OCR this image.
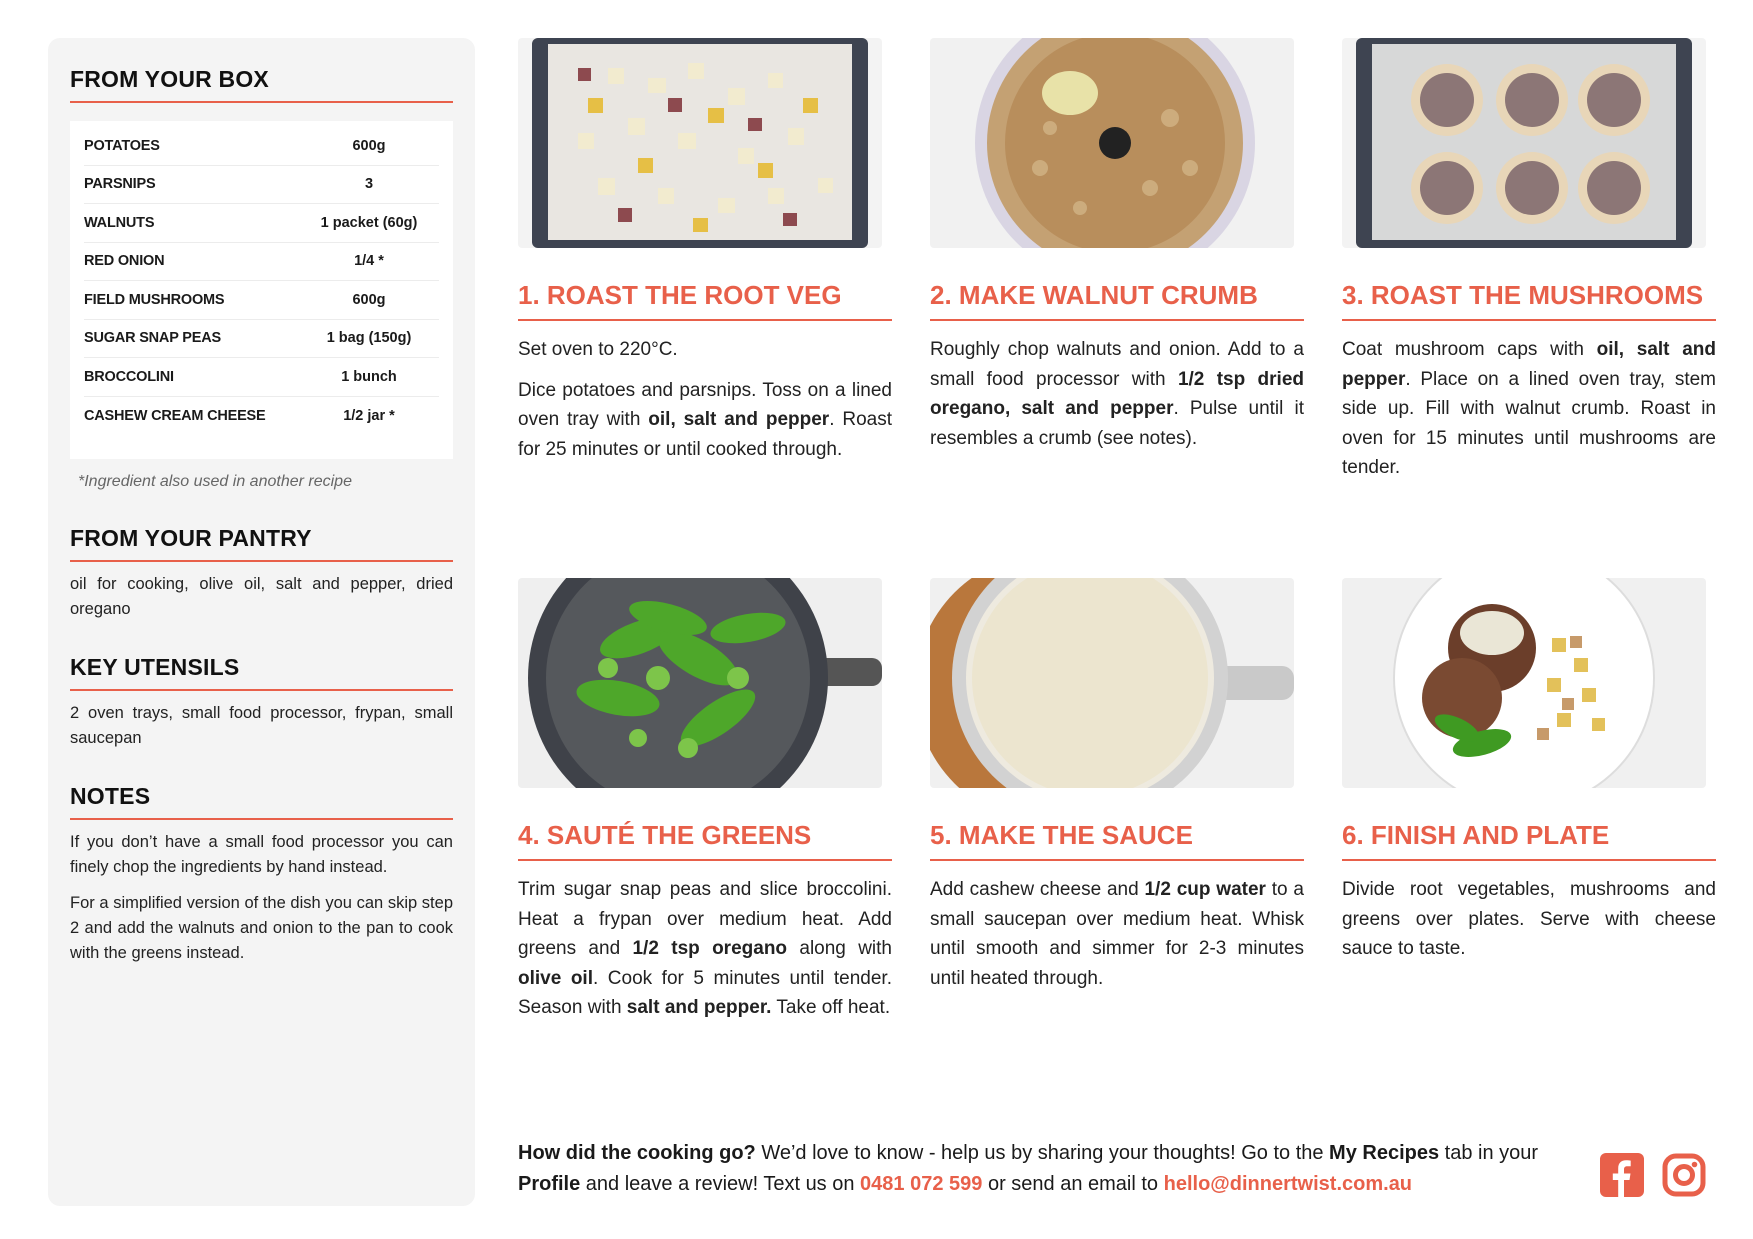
FROM YOUR BOX
POTATOES	600g
PARSNIPS	3
WALNUTS	1 packet (60g)
RED ONION	1/4 *
FIELD MUSHROOMS	600g
SUGAR SNAP PEAS	1 bag (150g)
BROCCOLINI	1 bunch
CASHEW CREAM CHEESE	1/2 jar *
*Ingredient also used in another recipe
FROM YOUR PANTRY

oil for cooking, olive oil, salt and pepper, dried oregano

KEY UTENSILS

2 oven trays, small food processor, frypan, small saucepan

NOTES

If you don’t have a small food processor you can finely chop the ingredients by hand instead.

For a simplified version of the dish you can skip step 2 and add the walnuts and onion to the pan to cook with the greens instead.

1. ROAST THE ROOT VEG

Set oven to 220°C.

Dice potatoes and parsnips. Toss on a lined oven tray with oil, salt and pepper. Roast for 25 minutes or until cooked through.

2. MAKE WALNUT CRUMB

Roughly chop walnuts and onion. Add to a small food processor with 1/2 tsp dried oregano, salt and pepper. Pulse until it resembles a crumb (see notes).

3. ROAST THE MUSHROOMS

Coat mushroom caps with oil, salt and pepper. Place on a lined oven tray, stem side up. Fill with walnut crumb. Roast in oven for 15 minutes until mushrooms are tender.

4. SAUTÉ THE GREENS

Trim sugar snap peas and slice broccolini. Heat a frypan over medium heat. Add greens and 1/2 tsp oregano along with olive oil. Cook for 5 minutes until tender. Season with salt and pepper. Take off heat.

5. MAKE THE SAUCE

Add cashew cheese and 1/2 cup water to a small saucepan over medium heat. Whisk until smooth and simmer for 2-3 minutes until heated through.

6. FINISH AND PLATE

Divide root vegetables, mushrooms and greens over plates. Serve with cheese sauce to taste.

How did the cooking go? We’d love to know - help us by sharing your thoughts! Go to the My Recipes tab in your Profile and leave a review! Text us on 0481 072 599 or send an email to hello@dinnertwist.com.au
